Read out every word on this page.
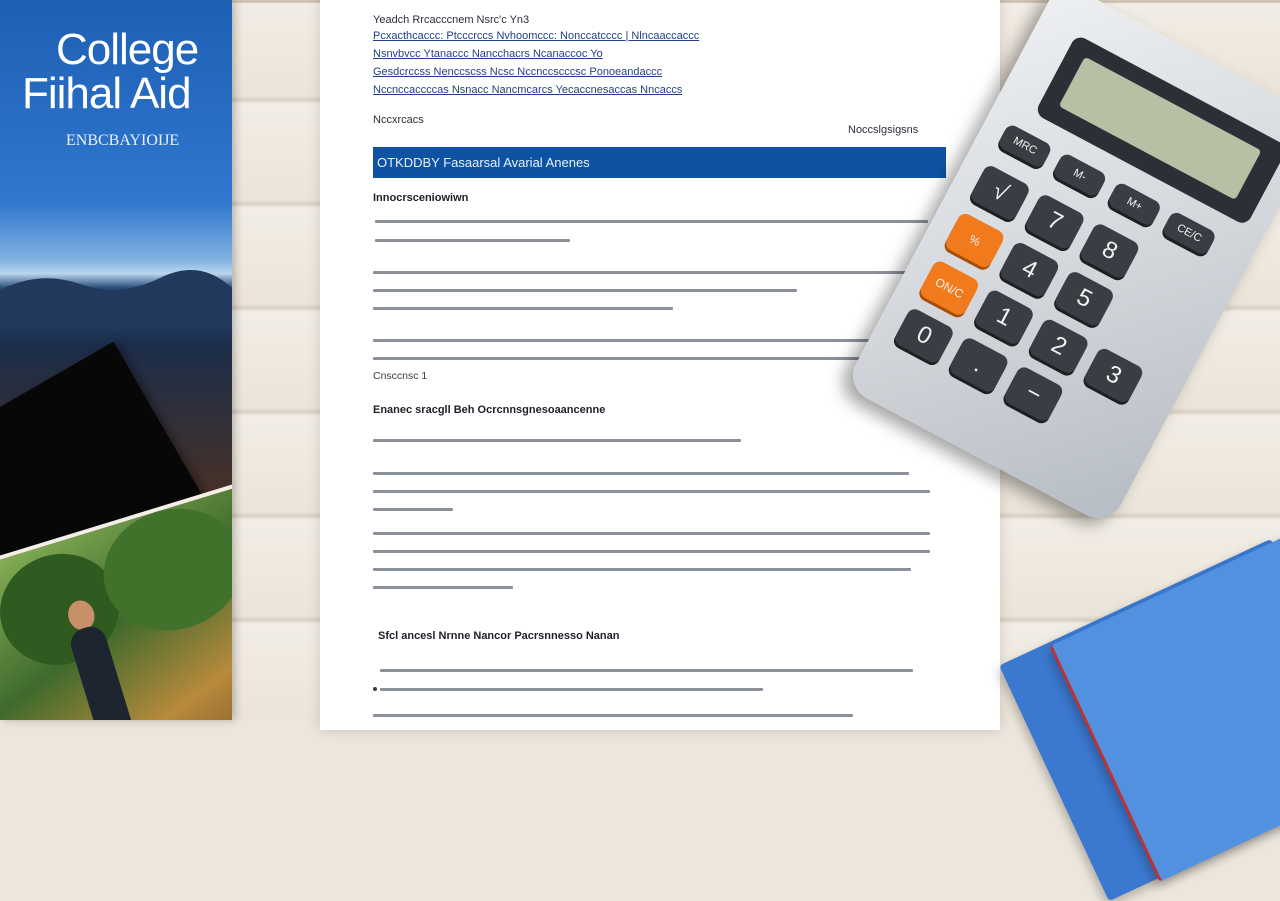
College
Fiihal Aid
ENBCBAYIOIJE
Yeadch Rrcacccnem Nsrc'c Yn3
Pcxacthcaccc: Ptcccrccs Nvhoomccc: Nonccatcccc | Nlncaaccaccc
Nsnvbvcc Ytanaccc Nancchacrs Ncanaccoc Yo
Gesdcrccss Nenccscss Ncsc Nccnccscccsc Ponoeandaccc
Nccnccaccccas Nsnacc Nancmcarcs Yecaccnesaccas Nncaccs
Nccxrcacs
Noccslgsigsns
OTKDDBY Fasaarsal Avarial Anenes
Innocrsceniowiwn
Cnsccnsc 1
Enanec sracgll Beh Ocrcnnsgnesoaancenne
Sfcl ancesl Nrnne Nancor Pacrsnnesso Nanan
MRC
M-
M+
CE/C
√
7
8
%
4
5
ON/C
1
2
3
0
.
−
